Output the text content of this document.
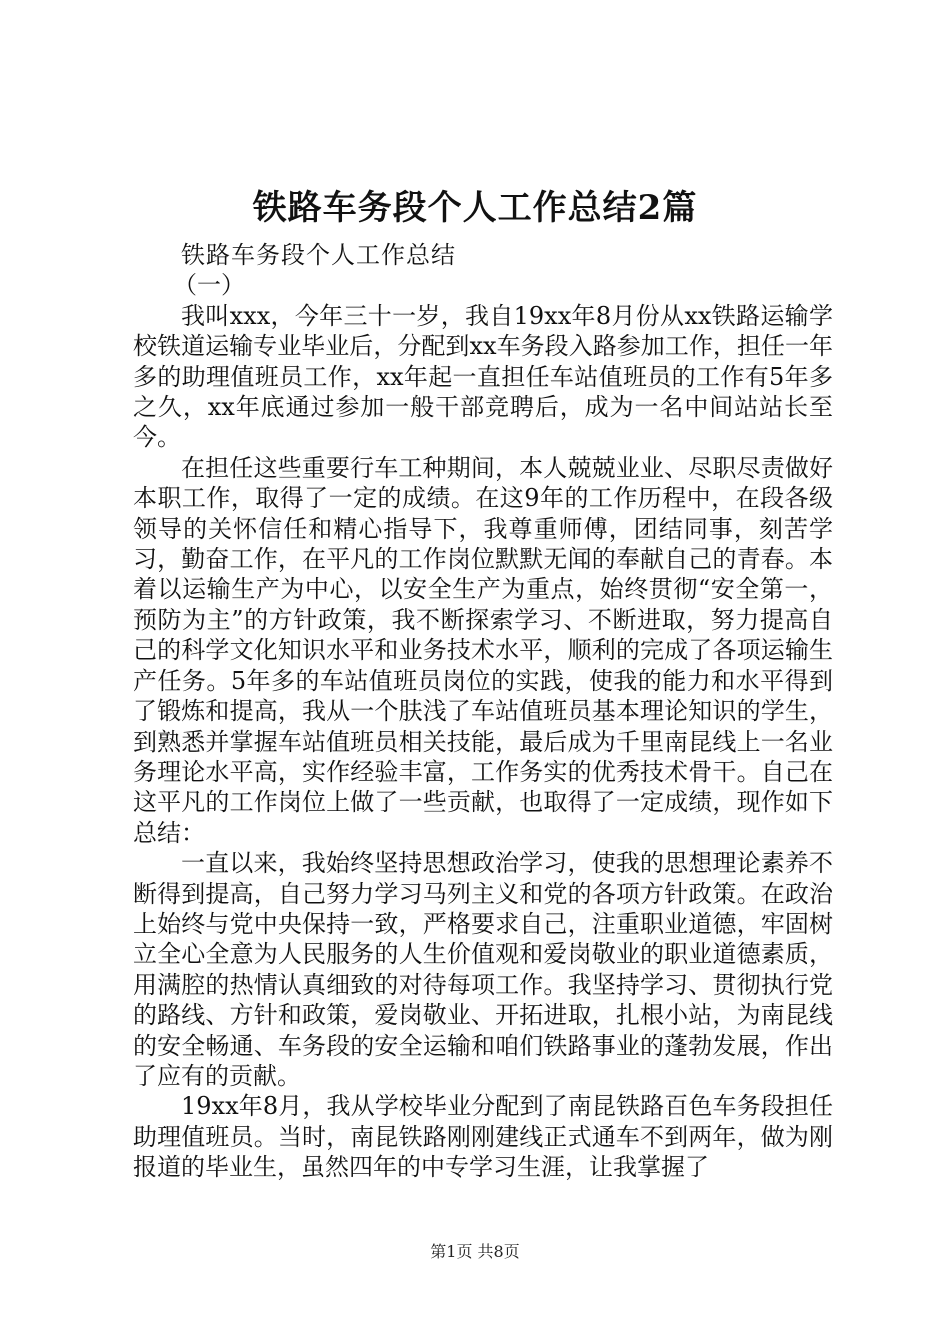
铁路车务段个人工作总结2篇
铁路车务段个人工作总结
（一）

我叫xxx，今年三十一岁，我自19xx年8月份从xx铁路运输学校铁道运输专业毕业后，分配到xx车务段入路参加工作，担任一年多的助理值班员工作，xx年起一直担任车站值班员的工作有5年多之久，xx年底通过参加一般干部竞聘后，成为一名中间站站长至今。

在担任这些重要行车工种期间，本人兢兢业业、尽职尽责做好本职工作，取得了一定的成绩。在这9年的工作历程中，在段各级领导的关怀信任和精心指导下，我尊重师傅，团结同事，刻苦学习，勤奋工作，在平凡的工作岗位默默无闻的奉献自己的青春。本着以运输生产为中心，以安全生产为重点，始终贯彻“安全第一，预防为主”的方针政策，我不断探索学习、不断进取，努力提高自己的科学文化知识水平和业务技术水平，顺利的完成了各项运输生产任务。5年多的车站值班员岗位的实践，使我的能力和水平得到了锻炼和提高，我从一个肤浅了车站值班员基本理论知识的学生，到熟悉并掌握车站值班员相关技能，最后成为千里南昆线上一名业务理论水平高，实作经验丰富，工作务实的优秀技术骨干。自己在这平凡的工作岗位上做了一些贡献，也取得了一定成绩，现作如下总结：

一直以来，我始终坚持思想政治学习，使我的思想理论素养不断得到提高，自己努力学习马列主义和党的各项方针政策。在政治上始终与党中央保持一致，严格要求自己，注重职业道德，牢固树立全心全意为人民服务的人生价值观和爱岗敬业的职业道德素质，用满腔的热情认真细致的对待每项工作。我坚持学习、贯彻执行党的路线、方针和政策，爱岗敬业、开拓进取，扎根小站，为南昆线的安全畅通、车务段的安全运输和咱们铁路事业的蓬勃发展，作出了应有的贡献。

19xx年8月，我从学校毕业分配到了南昆铁路百色车务段担任助理值班员。当时，南昆铁路刚刚建线正式通车不到两年，做为刚报道的毕业生，虽然四年的中专学习生涯，让我掌握了

第1页 共8页
